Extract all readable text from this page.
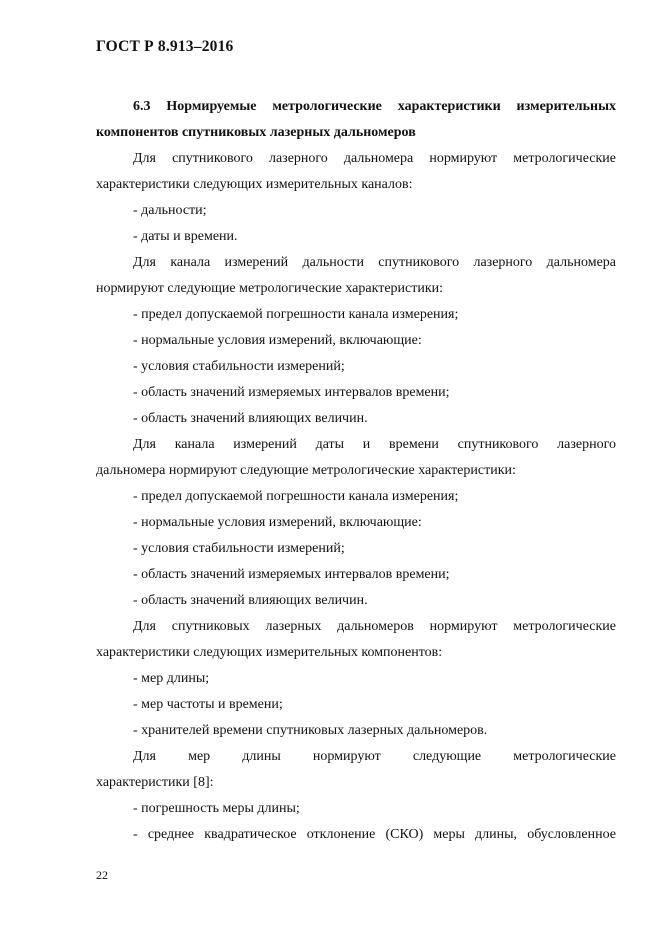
ГОСТ Р 8.913–2016
6.3 Нормируемые метрологические характеристики измерительных
компонентов спутниковых лазерных дальномеров
Для спутникового лазерного дальномера нормируют метрологические
характеристики следующих измерительных каналов:
- дальности;
- даты и времени.
Для канала измерений дальности спутникового лазерного дальномера
нормируют следующие метрологические характеристики:
- предел допускаемой погрешности канала измерения;
- нормальные условия измерений, включающие:
- условия стабильности измерений;
- область значений измеряемых интервалов времени;
- область значений влияющих величин.
Для канала измерений даты и времени спутникового лазерного
дальномера нормируют следующие метрологические характеристики:
- предел допускаемой погрешности канала измерения;
- нормальные условия измерений, включающие:
- условия стабильности измерений;
- область значений измеряемых интервалов времени;
- область значений влияющих величин.
Для спутниковых лазерных дальномеров нормируют метрологические
характеристики следующих измерительных компонентов:
- мер длины;
- мер частоты и времени;
- хранителей времени спутниковых лазерных дальномеров.
Для мер длины нормируют следующие метрологические
характеристики [8]:
- погрешность меры длины;
- среднее квадратическое отклонение (СКО) меры длины, обусловленное
22
